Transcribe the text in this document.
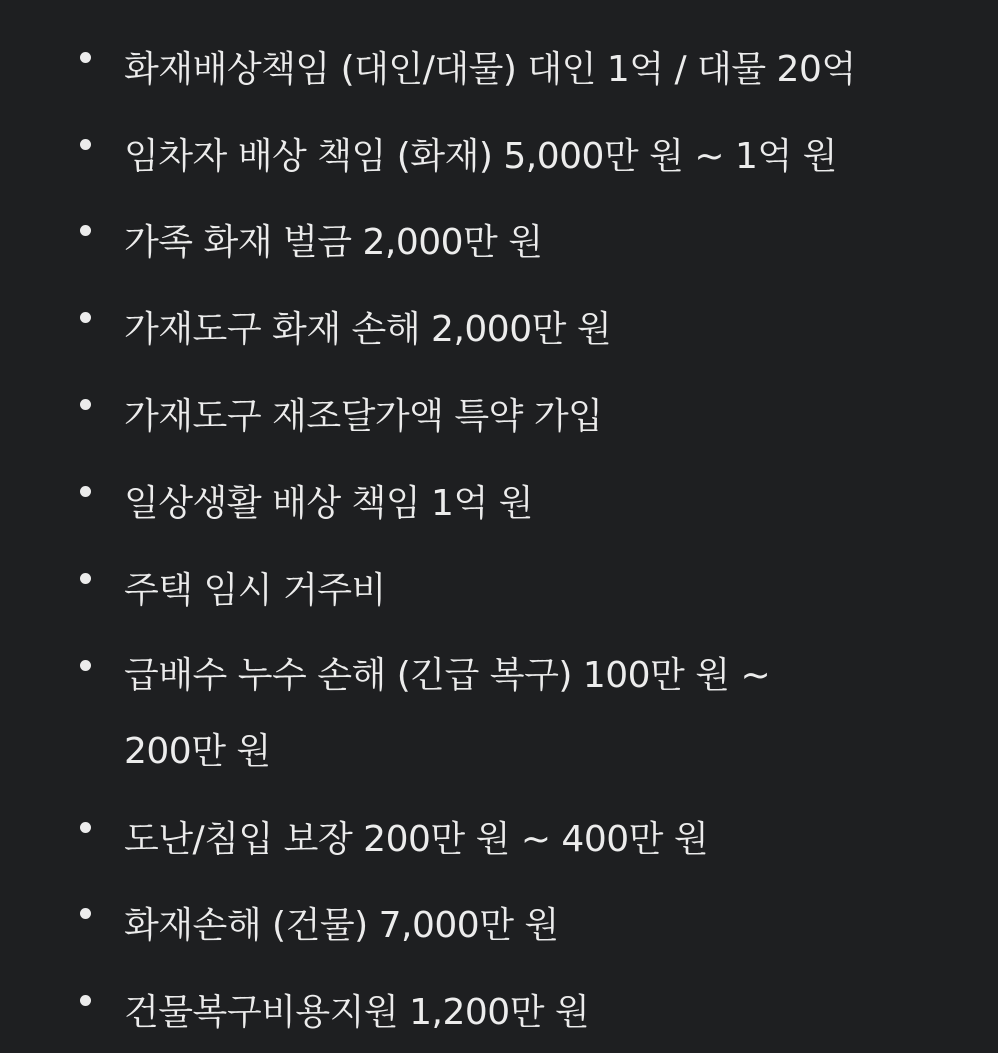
화재배상책임 (대인/대물) 대인 1억 / 대물 20억
임차자 배상 책임 (화재) 5,000만 원 ~ 1억 원
가족 화재 벌금 2,000만 원
가재도구 화재 손해 2,000만 원
가재도구 재조달가액 특약 가입
일상생활 배상 책임 1억 원
주택 임시 거주비
급배수 누수 손해 (긴급 복구) 100만 원 ~ 200만 원
도난/침입 보장 200만 원 ~ 400만 원
화재손해 (건물) 7,000만 원
건물복구비용지원 1,200만 원
